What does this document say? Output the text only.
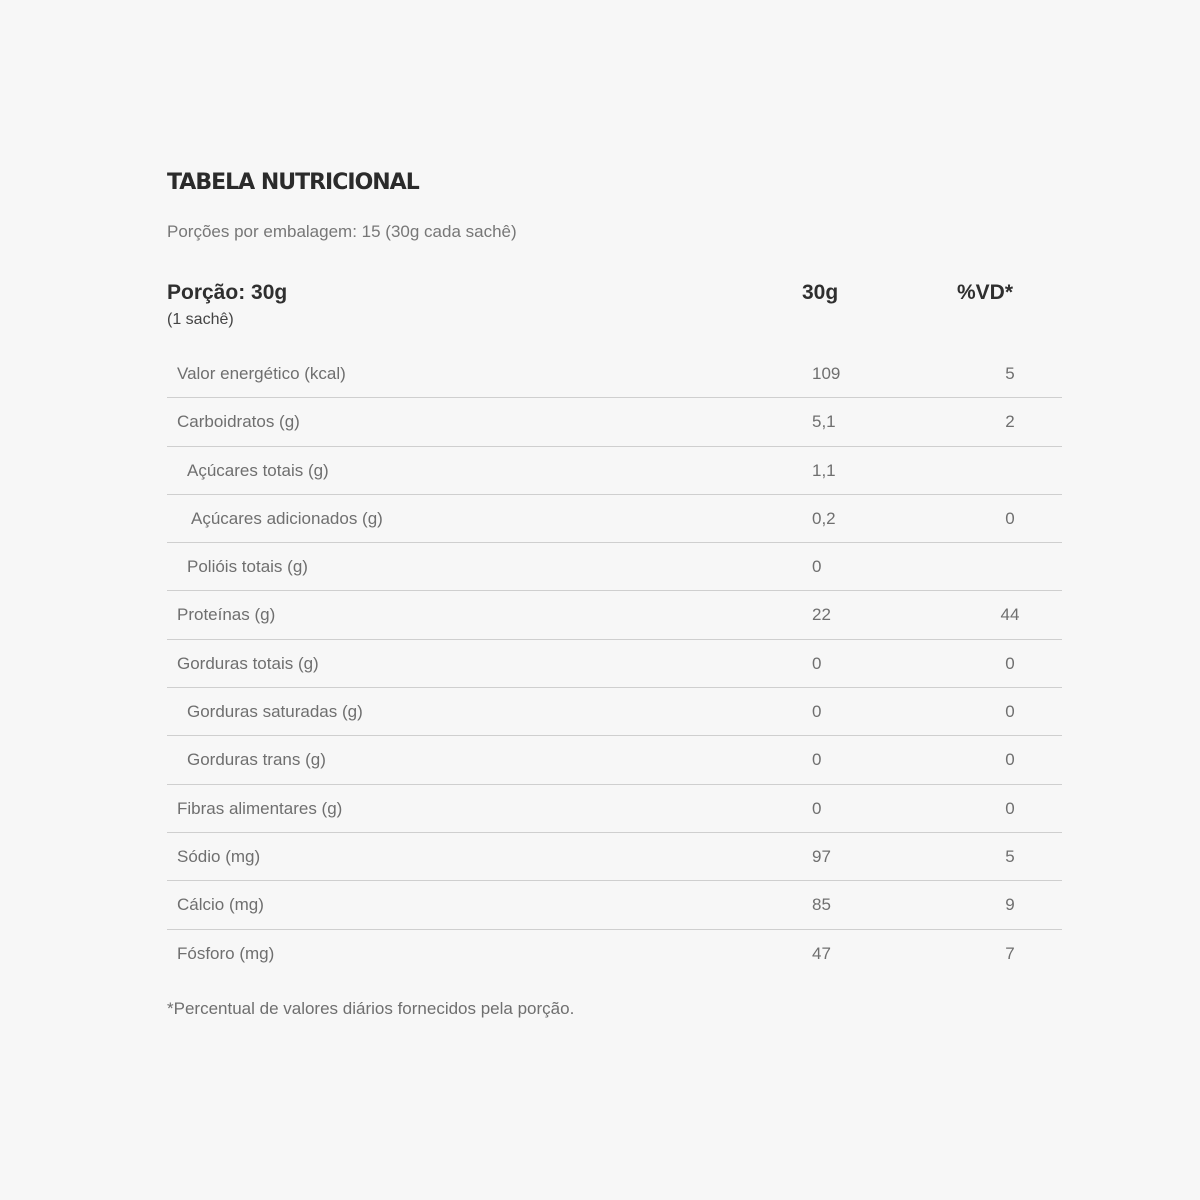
TABELA NUTRICIONAL
Porções por embalagem: 15 (30g cada sachê)
Porção: 30g
(1 sachê)
30g	%VD*
Valor energético (kcal)	109	5
Carboidratos (g)	5,1	2
Açúcares totais (g)	1,1
Açúcares adicionados (g)	0,2	0
Polióis totais (g)	0
Proteínas (g)	22	44
Gorduras totais (g)	0	0
Gorduras saturadas (g)	0	0
Gorduras trans (g)	0	0
Fibras alimentares (g)	0	0
Sódio (mg)	97	5
Cálcio (mg)	85	9
Fósforo (mg)	47	7
*Percentual de valores diários fornecidos pela porção.
